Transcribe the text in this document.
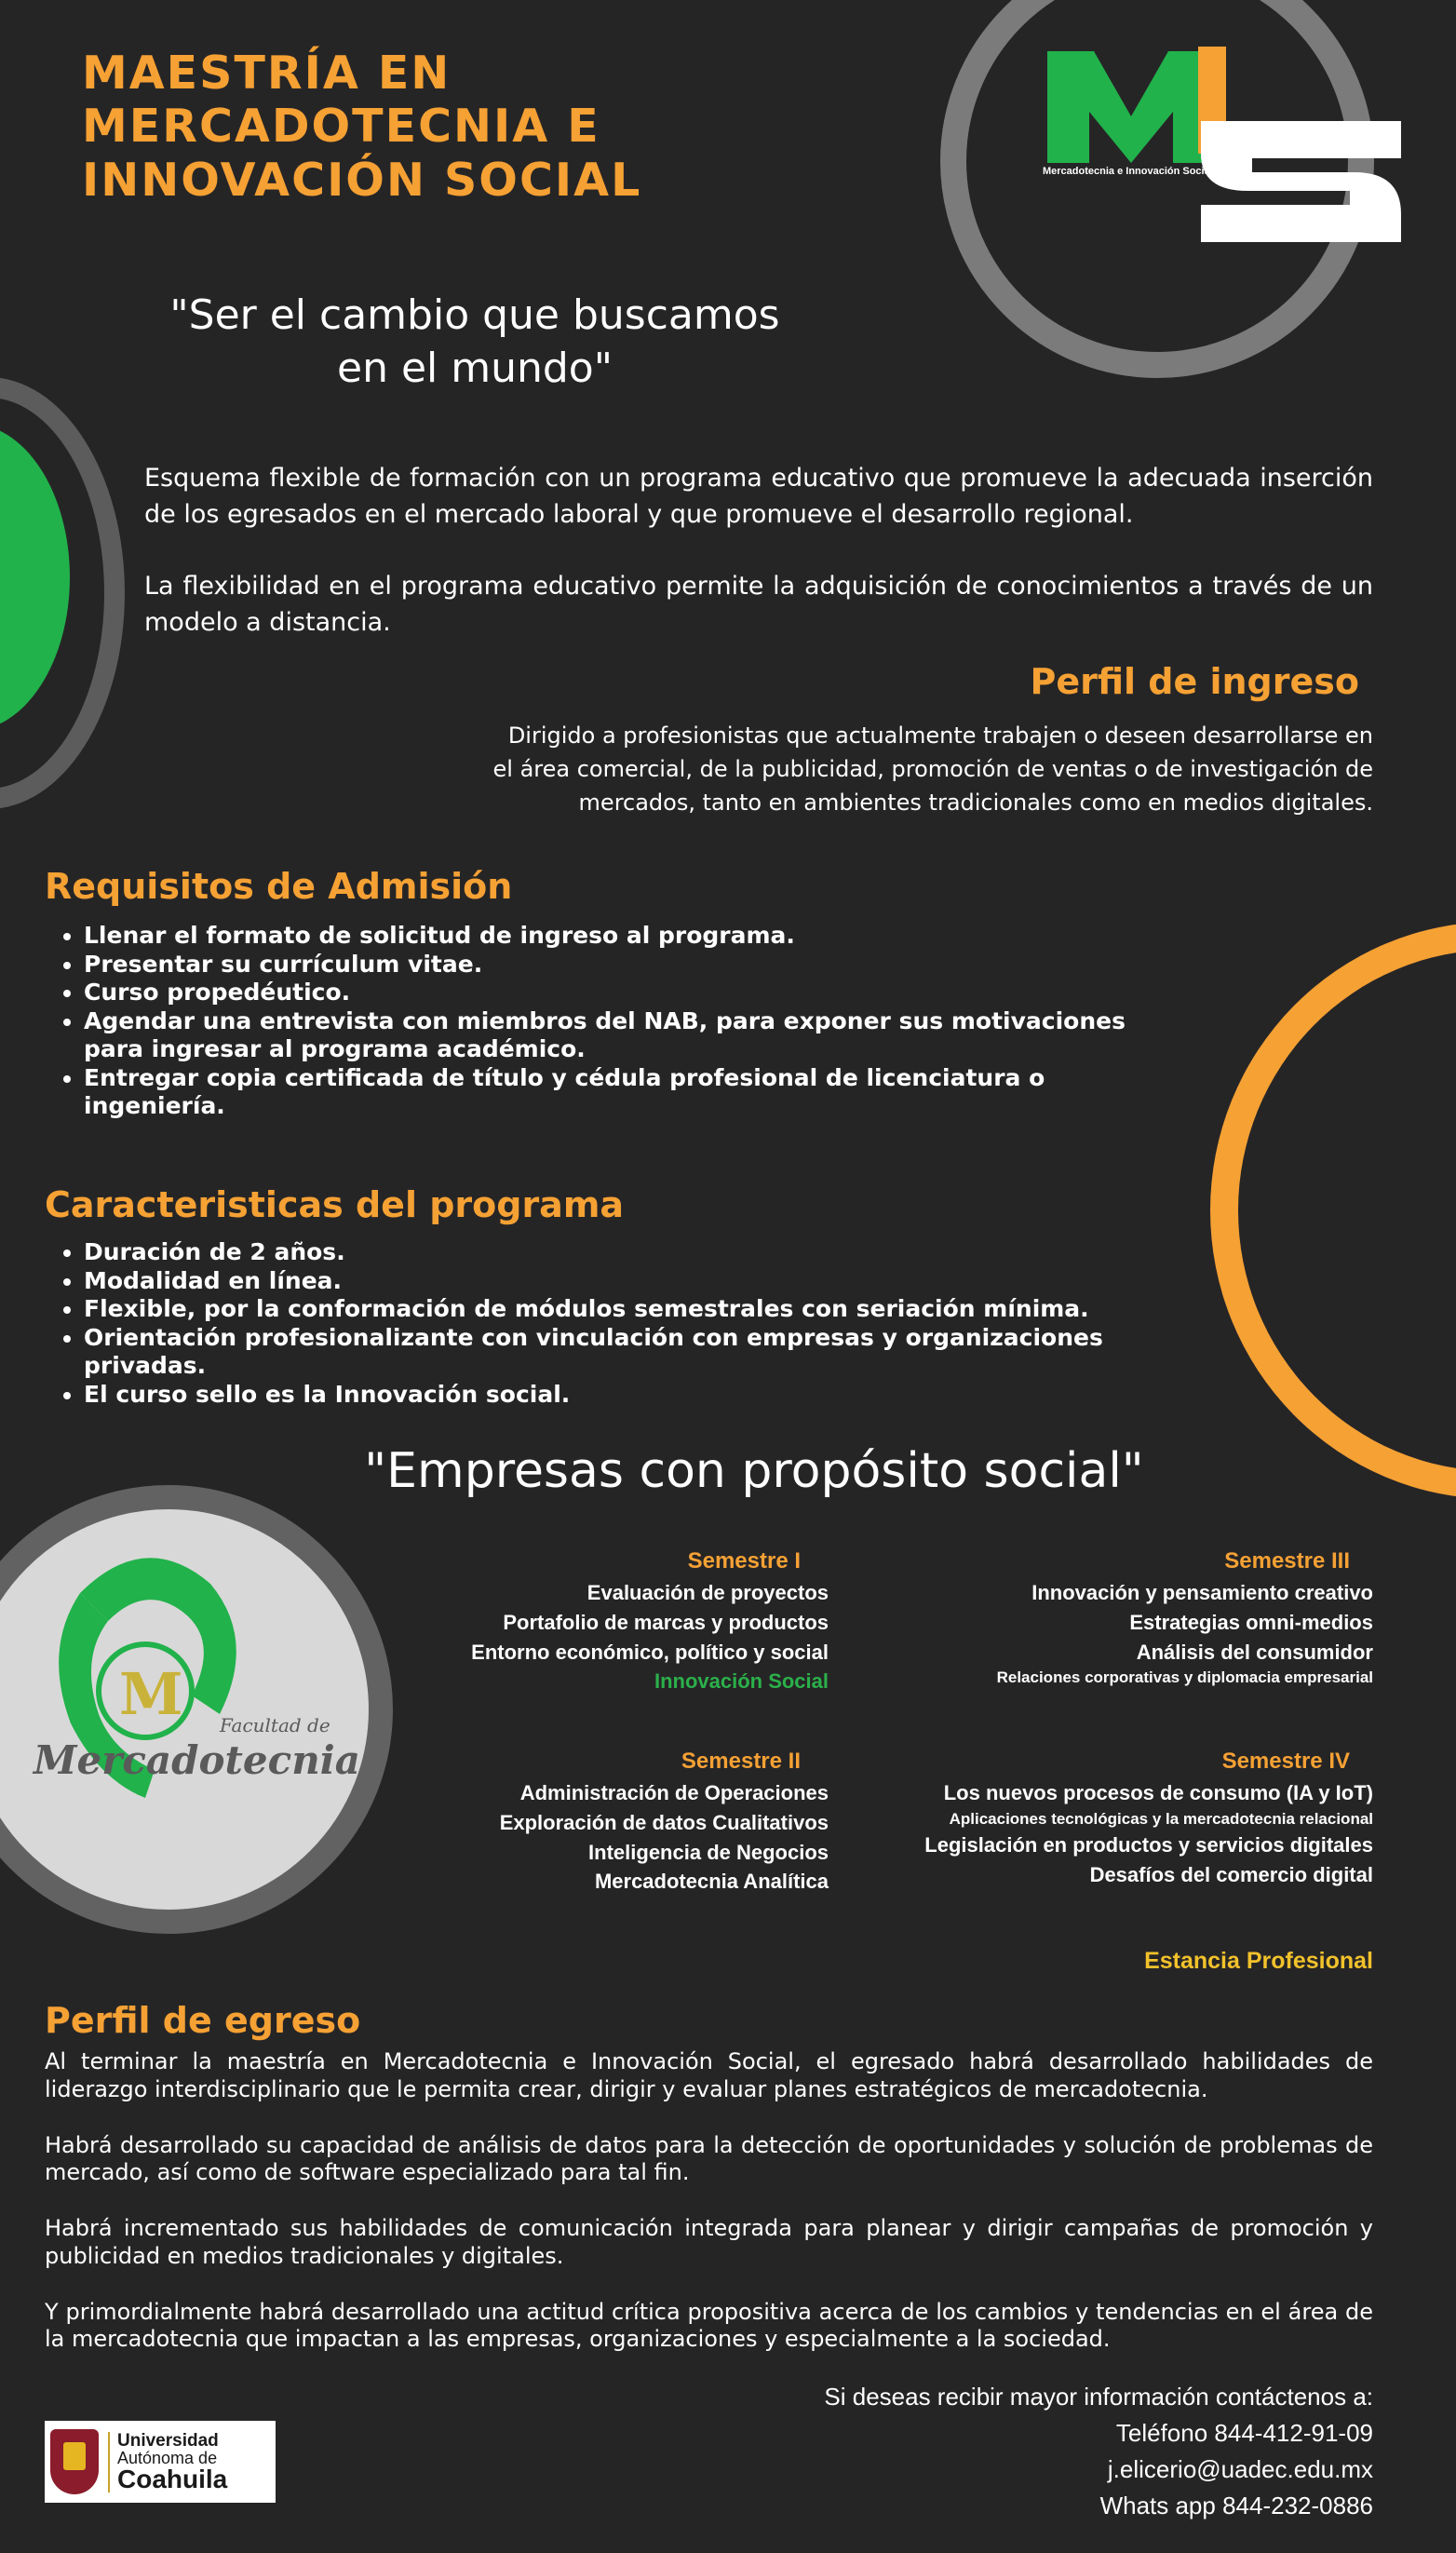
Mercadotecnia e Innovación Social
MAESTRÍA EN
MERCADOTECNIA E
INNOVACIÓN SOCIAL
"Ser el cambio que buscamos
en el mundo"

Esquema flexible de formación con un programa educativo que promueve la adecuada inserción de los egresados en el mercado laboral y que promueve el desarrollo regional.

La flexibilidad en el programa educativo permite la adquisición de conocimientos a través de un modelo a distancia.

Perfil de ingreso
Dirigido a profesionistas que actualmente trabajen o deseen desarrollarse en el área comercial, de la publicidad, promoción de ventas o de investigación de mercados, tanto en ambientes tradicionales como en medios digitales.
Requisitos de Admisión
• Llenar el formato de solicitud de ingreso al programa.
• Presentar su currículum vitae.
• Curso propedéutico.
• Agendar una entrevista con miembros del NAB, para exponer sus motivaciones para ingresar al programa académico.
• Entregar copia certificada de título y cédula profesional de licenciatura o ingeniería.
Caracteristicas del programa
• Duración de 2 años.
• Modalidad en línea.
• Flexible, por la conformación de módulos semestrales con seriación mínima.
• Orientación profesionalizante con vinculación con empresas y organizaciones privadas.
• El curso sello es la Innovación social.
"Empresas con propósito social"
M Facultad de
Mercadotecnia
Semestre I
Evaluación de proyectos
Portafolio de marcas y productos
Entorno económico, político y social
Innovación Social
Semestre III
Innovación y pensamiento creativo
Estrategias omni-medios
Análisis del consumidor
Relaciones corporativas y diplomacia empresarial
Semestre II
Administración de Operaciones
Exploración de datos Cualitativos
Inteligencia de Negocios
Mercadotecnia Analítica
Semestre IV
Los nuevos procesos de consumo (IA y IoT)
Aplicaciones tecnológicas y la mercadotecnia relacional
Legislación en productos y servicios digitales
Desafíos del comercio digital
Estancia Profesional
Perfil de egreso

Al terminar la maestría en Mercadotecnia e Innovación Social, el egresado habrá desarrollado habilidades de liderazgo interdisciplinario que le permita crear, dirigir y evaluar planes estratégicos de mercadotecnia.

Habrá desarrollado su capacidad de análisis de datos para la detección de oportunidades y solución de problemas de mercado, así como de software especializado para tal fin.

Habrá incrementado sus habilidades de comunicación integrada para planear y dirigir campañas de promoción y publicidad en medios tradicionales y digitales.

Y primordialmente habrá desarrollado una actitud crítica propositiva acerca de los cambios y tendencias en el área de la mercadotecnia que impactan a las empresas, organizaciones y especialmente a la sociedad.

Si deseas recibir mayor información contáctenos a:
Teléfono 844-412-91-09
j.elicerio@uadec.edu.mx
Whats app 844-232-0886
Universidad
Autónoma de
Coahuila
